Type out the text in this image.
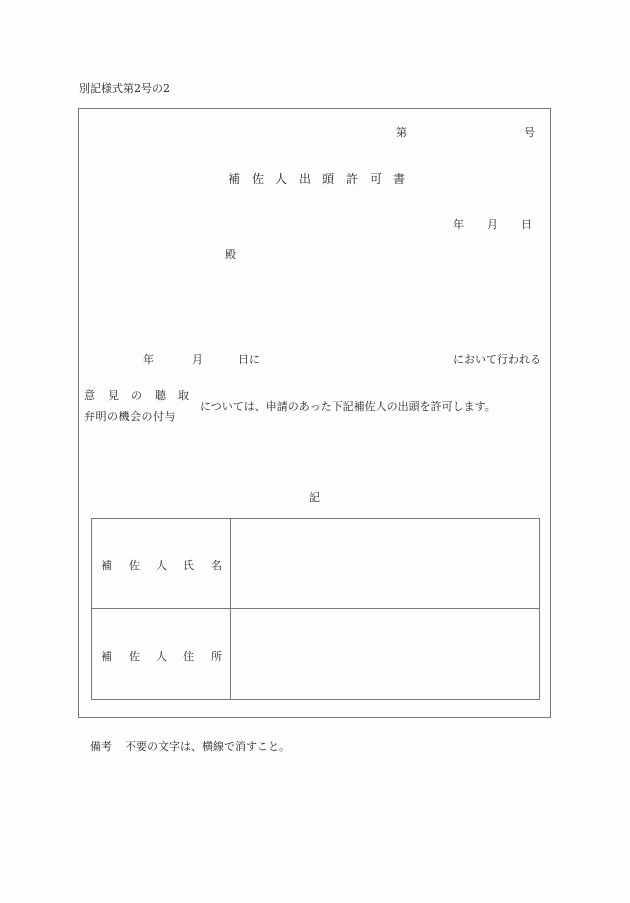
別記様式第2号の2
第	号
補 佐 人 出 頭 許 可 書
年 月 日
殿
年	月	日に	において行われる
意 見 の 聴 取
弁明の機会の付与
については、申請のあった下記補佐人の出頭を許可します。
記
補 佐 人 氏 名
補 佐 人 住 所
備考 不要の文字は、横線で消すこと。
